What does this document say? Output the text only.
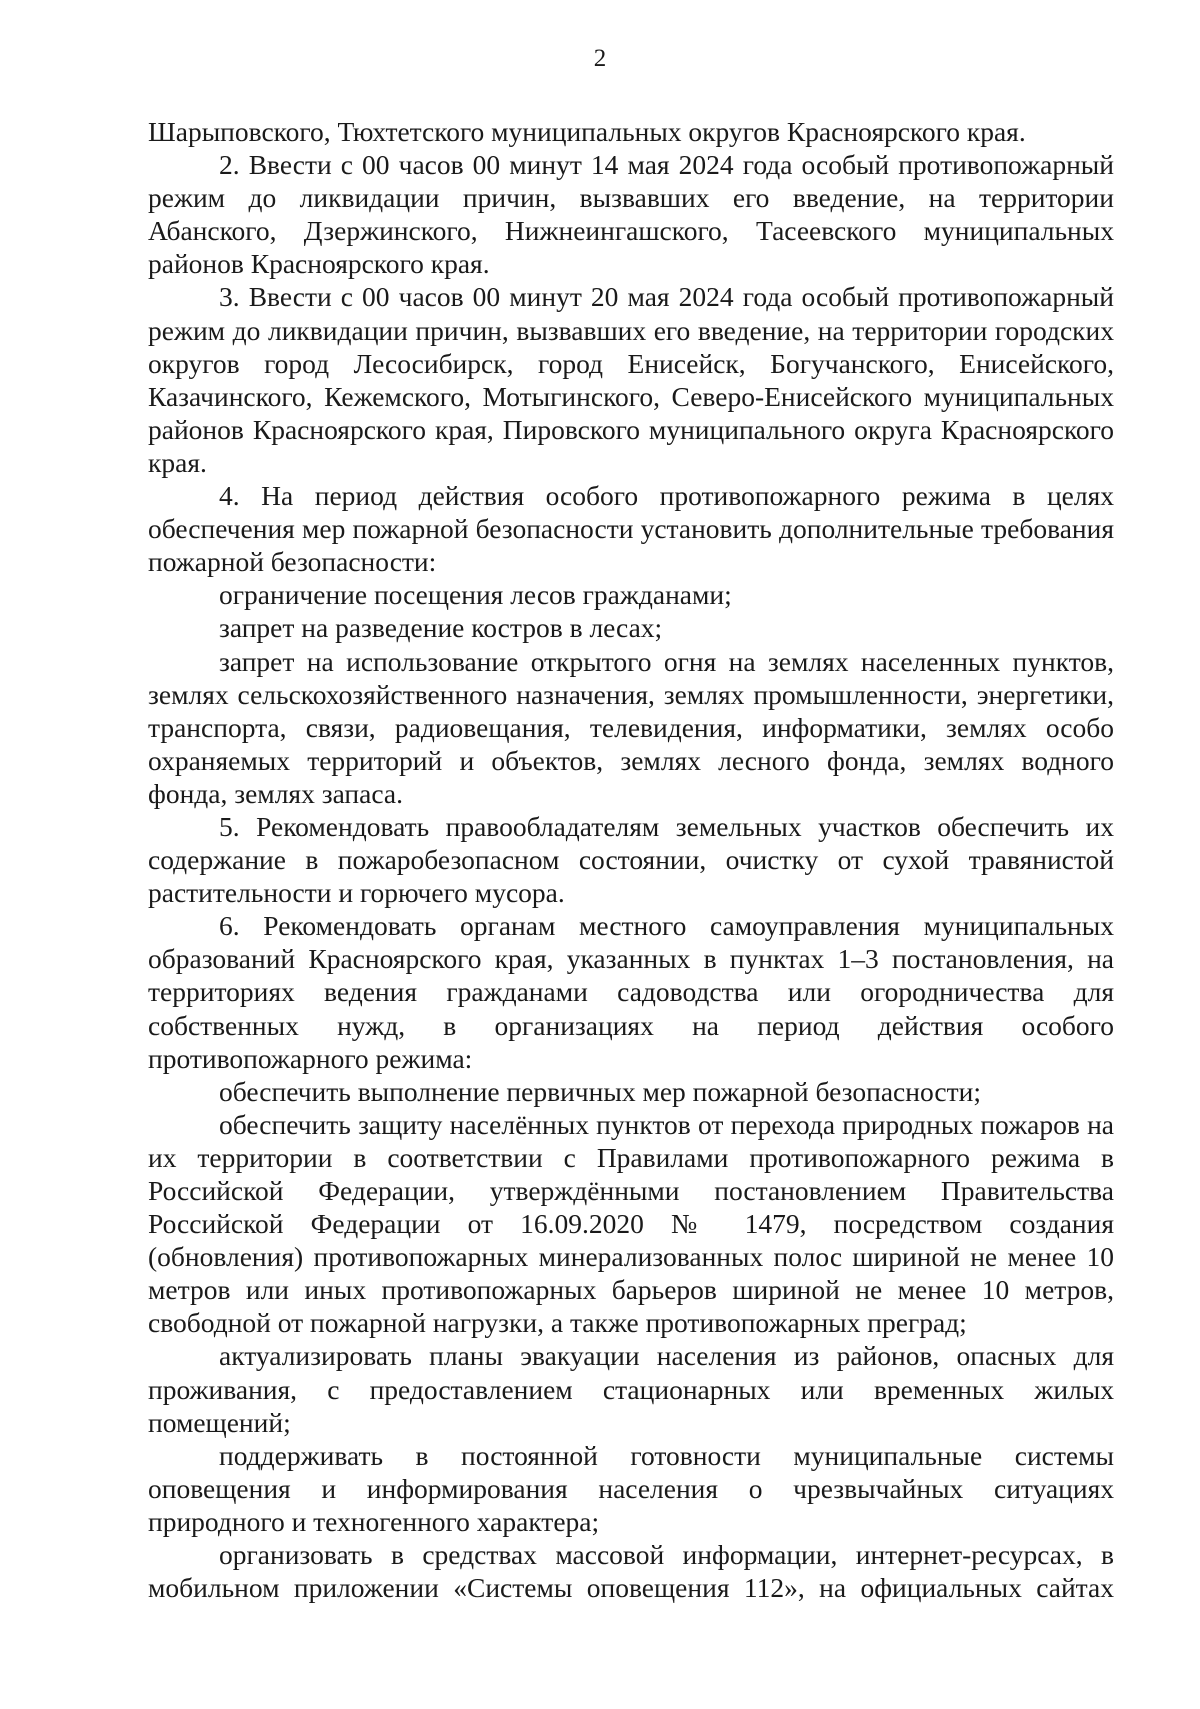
2

Шарыповского, Тюхтетского муниципальных округов Красноярского края.

2. Ввести с 00 часов 00 минут 14 мая 2024 года особый противопожарный режим до ликвидации причин, вызвавших его введение, на территории Абанского, Дзержинского, Нижнеингашского, Тасеевского муниципальных районов Красноярского края.

3. Ввести с 00 часов 00 минут 20 мая 2024 года особый противопожарный режим до ликвидации причин, вызвавших его введение, на территории городских округов город Лесосибирск, город Енисейск, Богучанского, Енисейского, Казачинского, Кежемского, Мотыгинского, Северо-Енисейского муниципальных районов Красноярского края, Пировского муниципального округа Красноярского края.

4. На период действия особого противопожарного режима в целях обеспечения мер пожарной безопасности установить дополнительные требования пожарной безопасности:

ограничение посещения лесов гражданами;

запрет на разведение костров в лесах;

запрет на использование открытого огня на землях населенных пунктов, землях сельскохозяйственного назначения, землях промышленности, энергетики, транспорта, связи, радиовещания, телевидения, информатики, землях особо охраняемых территорий и объектов, землях лесного фонда, землях водного фонда, землях запаса.

5. Рекомендовать правообладателям земельных участков обеспечить их содержание в пожаробезопасном состоянии, очистку от сухой травянистой растительности и горючего мусора.

6. Рекомендовать органам местного самоуправления муниципальных образований Красноярского края, указанных в пунктах 1–3 постановления, на территориях ведения гражданами садоводства или огородничества для собственных нужд, в организациях на период действия особого противопожарного режима:

обеспечить выполнение первичных мер пожарной безопасности;

обеспечить защиту населённых пунктов от перехода природных пожаров на их территории в соответствии с Правилами противопожарного режима в Российской Федерации, утверждёнными постановлением Правительства Российской Федерации от 16.09.2020 № 1479, посредством создания (обновления) противопожарных минерализованных полос шириной не менее 10 метров или иных противопожарных барьеров шириной не менее 10 метров, свободной от пожарной нагрузки, а также противопожарных преград;

актуализировать планы эвакуации населения из районов, опасных для проживания, с предоставлением стационарных или временных жилых помещений;

поддерживать в постоянной готовности муниципальные системы оповещения и информирования населения о чрезвычайных ситуациях природного и техногенного характера;

организовать в средствах массовой информации, интернет-ресурсах, в мобильном приложении «Системы оповещения 112», на официальных сайтах
